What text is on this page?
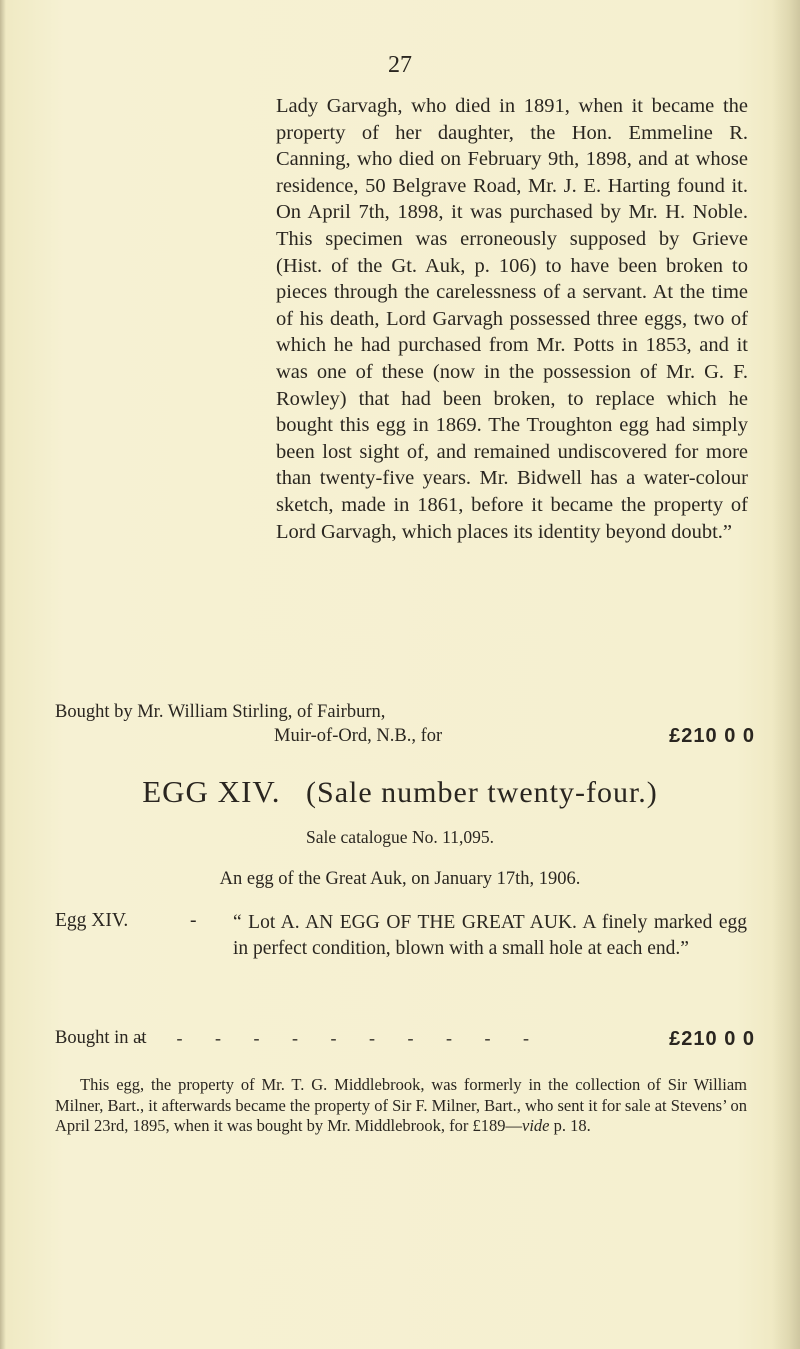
27

Lady Garvagh, who died in 1891, when it became the property of her daughter, the Hon. Emmeline R. Canning, who died on February 9th, 1898, and at whose residence, 50 Belgrave Road, Mr. J. E. Harting found it. On April 7th, 1898, it was purchased by Mr. H. Noble. This specimen was erroneously supposed by Grieve (Hist. of the Gt. Auk, p. 106) to have been broken to pieces through the carelessness of a servant. At the time of his death, Lord Garvagh possessed three eggs, two of which he had purchased from Mr. Potts in 1853, and it was one of these (now in the possession of Mr. G. F. Rowley) that had been broken, to replace which he bought this egg in 1869. The Troughton egg had simply been lost sight of, and remained undiscovered for more than twenty-five years. Mr. Bidwell has a water-colour sketch, made in 1861, before it became the property of Lord Garvagh, which places its identity beyond doubt.”

Bought by Mr. William Stirling, of Fairburn,
Muir-of-Ord, N.B., for	£210 0 0
EGG XIV. (Sale number twenty-four.)
Sale catalogue No. 11,095.
An egg of the Great Auk, on January 17th, 1906.
Egg XIV.	- “ Lot A. AN EGG OF THE GREAT AUK. A finely marked egg in perfect condition, blown with a small hole at each end.”

Bought in at
- - - - - - - - - - -	£210 0 0

This egg, the property of Mr. T. G. Middlebrook, was formerly in the collection of Sir William Milner, Bart., it afterwards became the property of Sir F. Milner, Bart., who sent it for sale at Stevens’ on April 23rd, 1895, when it was bought by Mr. Middlebrook, for £189—vide p. 18.
